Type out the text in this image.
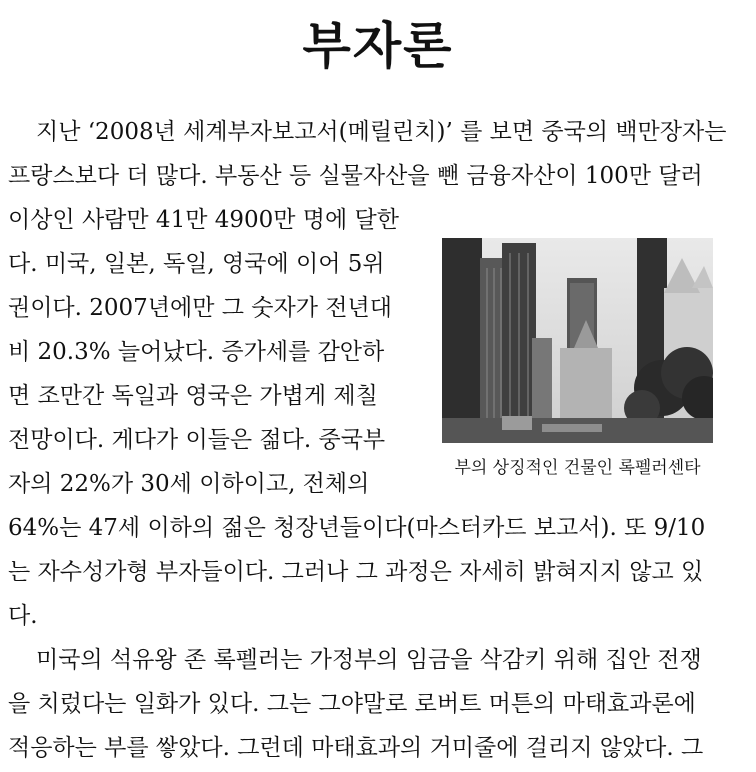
부자론
지난 ‘2008년 세계부자보고서(메릴린치)’ 를 보면 중국의 백만장자는
프랑스보다 더 많다. 부동산 등 실물자산을 뺀 금융자산이 100만 달러
이상인 사람만 41만 4900만 명에 달한
다. 미국, 일본, 독일, 영국에 이어 5위
권이다. 2007년에만 그 숫자가 전년대
비 20.3% 늘어났다. 증가세를 감안하
면 조만간 독일과 영국은 가볍게 제칠
전망이다. 게다가 이들은 젊다. 중국부
자의 22%가 30세 이하이고, 전체의
64%는 47세 이하의 젊은 청장년들이다(마스터카드 보고서). 또 9/10
는 자수성가형 부자들이다. 그러나 그 과정은 자세히 밝혀지지 않고 있
다.
미국의 석유왕 존 록펠러는 가정부의 임금을 삭감키 위해 집안 전쟁
을 치렀다는 일화가 있다. 그는 그야말로 로버트 머튼의 마태효과론에
적응하는 부를 쌓았다. 그런데 마태효과의 거미줄에 걸리지 않았다. 그
부의 상징적인 건물인 록펠러센타
